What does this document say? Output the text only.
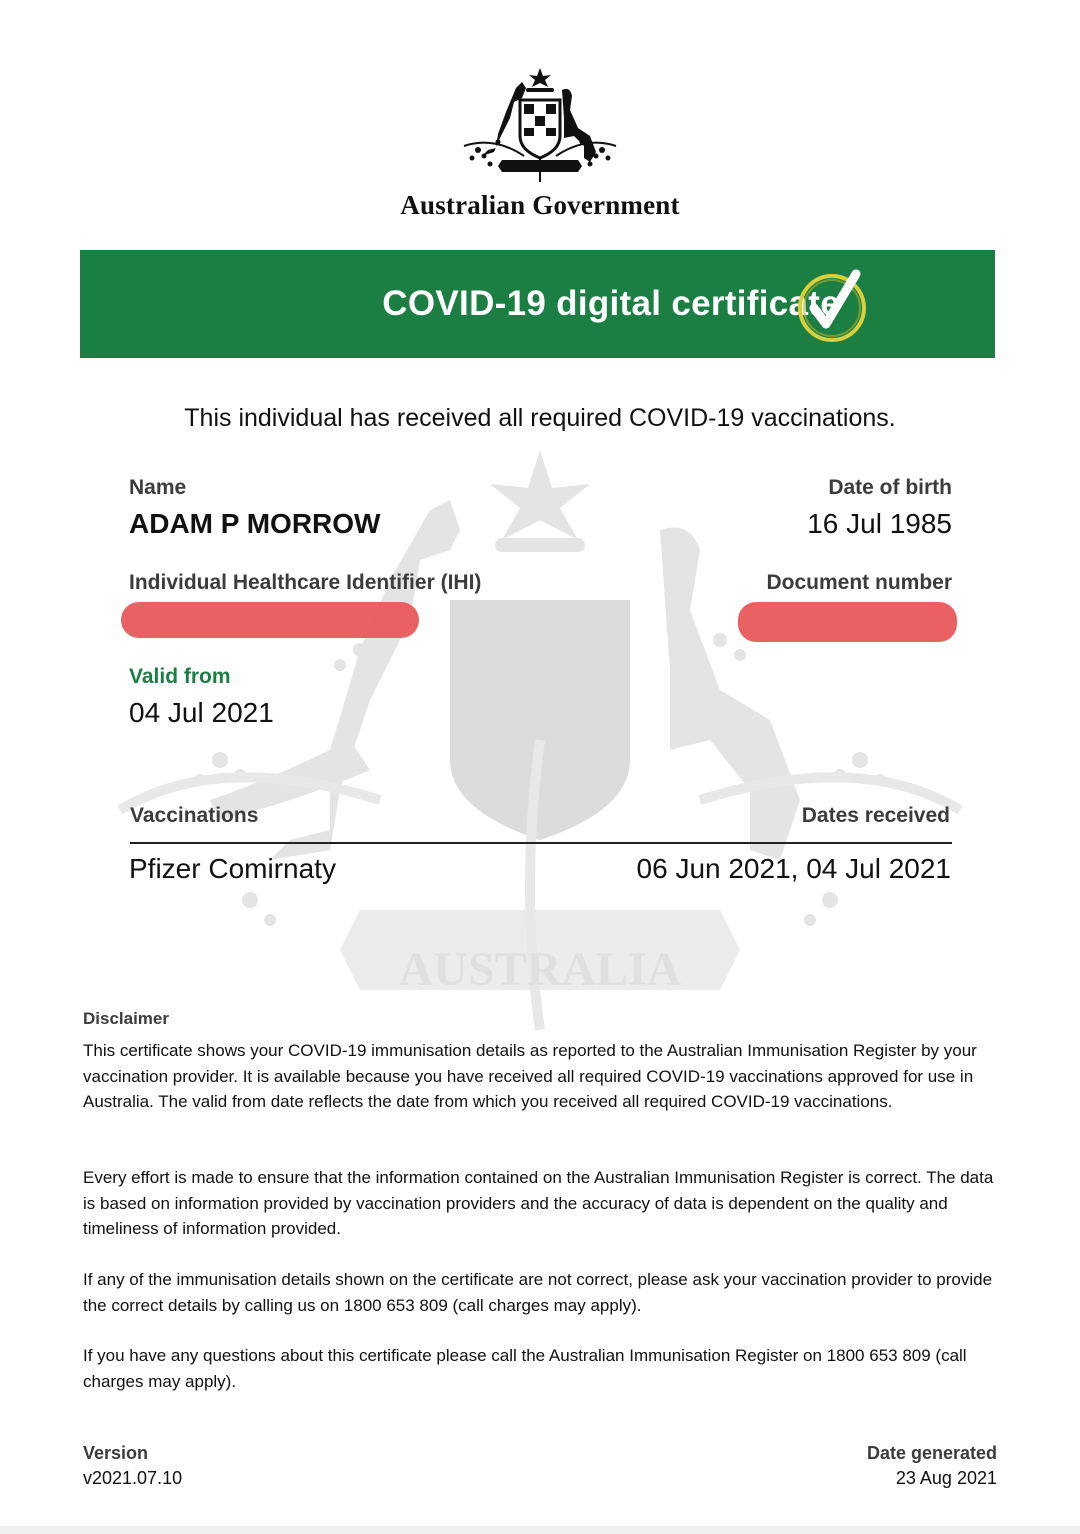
AUSTRALIA
Australian Government
COVID-19 digital certificate
This individual has received all required COVID-19 vaccinations.
Name
ADAM P MORROW
Date of birth
16 Jul 1985
Individual Healthcare Identifier (IHI)	Document number
Valid from
04 Jul 2021
Vaccinations	Dates received
Pfizer Comirnaty	06 Jun 2021, 04 Jul 2021
Disclaimer
This certificate shows your COVID-19 immunisation details as reported to the Australian Immunisation Register by your vaccination provider. It is available because you have received all required COVID-19 vaccinations approved for use in Australia. The valid from date reflects the date from which you received all required COVID-19 vaccinations.
Every effort is made to ensure that the information contained on the Australian Immunisation Register is correct. The data is based on information provided by vaccination providers and the accuracy of data is dependent on the quality and timeliness of information provided.
If any of the immunisation details shown on the certificate are not correct, please ask your vaccination provider to provide the correct details by calling us on 1800 653 809 (call charges may apply).
If you have any questions about this certificate please call the Australian Immunisation Register on 1800 653 809 (call charges may apply).
Version
v2021.07.10
Date generated
23 Aug 2021
